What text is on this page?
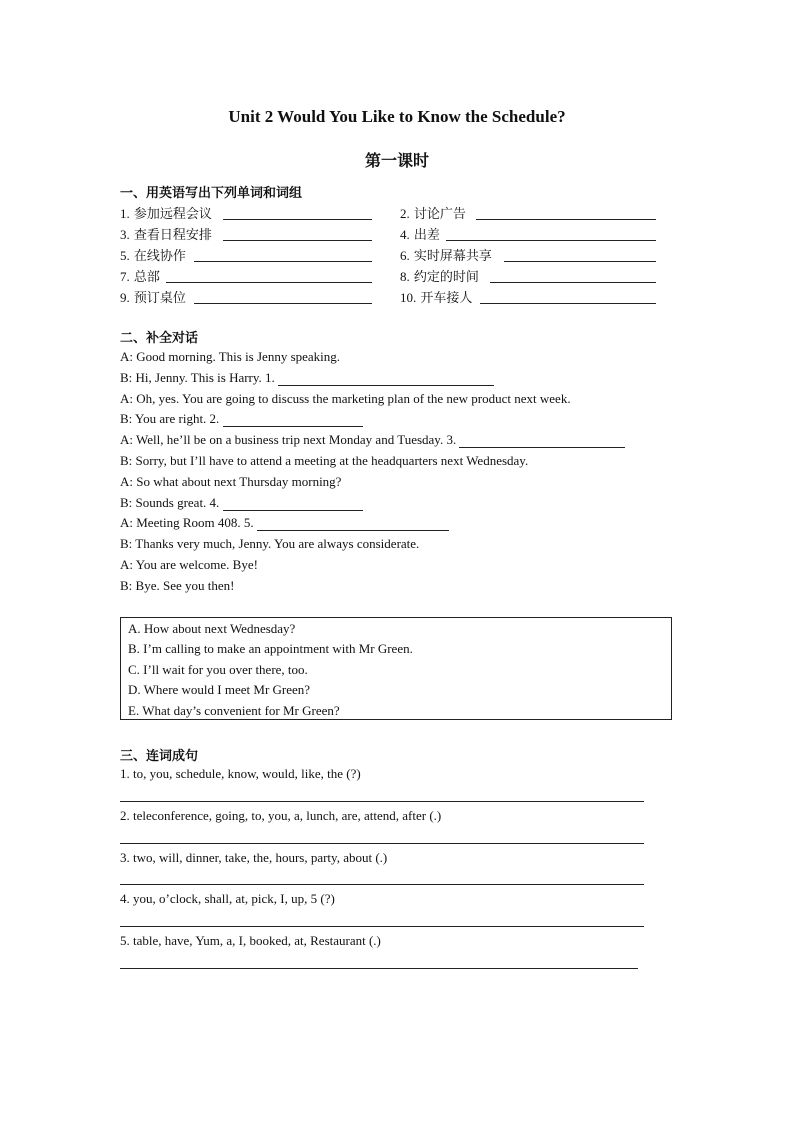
Unit 2 Would You Like to Know the Schedule?
第一课时
一、用英语写出下列单词和词组
1. 参加远程会议	2. 讨论广告
3. 查看日程安排	4. 出差
5. 在线协作	6. 实时屏幕共享
7. 总部	8. 约定的时间
9. 预订桌位	10. 开车接人
二、补全对话
A: Good morning. This is Jenny speaking.
B: Hi, Jenny. This is Harry. 1.
A: Oh, yes. You are going to discuss the marketing plan of the new product next week.
B: You are right. 2.
A: Well, he’ll be on a business trip next Monday and Tuesday. 3.
B: Sorry, but I’ll have to attend a meeting at the headquarters next Wednesday.
A: So what about next Thursday morning?
B: Sounds great. 4.
A: Meeting Room 408. 5.
B: Thanks very much, Jenny. You are always considerate.
A: You are welcome. Bye!
B: Bye. See you then!
A. How about next Wednesday?
B. I’m calling to make an appointment with Mr Green.
C. I’ll wait for you over there, too.
D. Where would I meet Mr Green?
E. What day’s convenient for Mr Green?
三、连词成句
1. to, you, schedule, know, would, like, the (?)
2. teleconference, going, to, you, a, lunch, are, attend, after (.)
3. two, will, dinner, take, the, hours, party, about (.)
4. you, o’clock, shall, at, pick, I, up, 5 (?)
5. table, have, Yum, a, I, booked, at, Restaurant (.)
